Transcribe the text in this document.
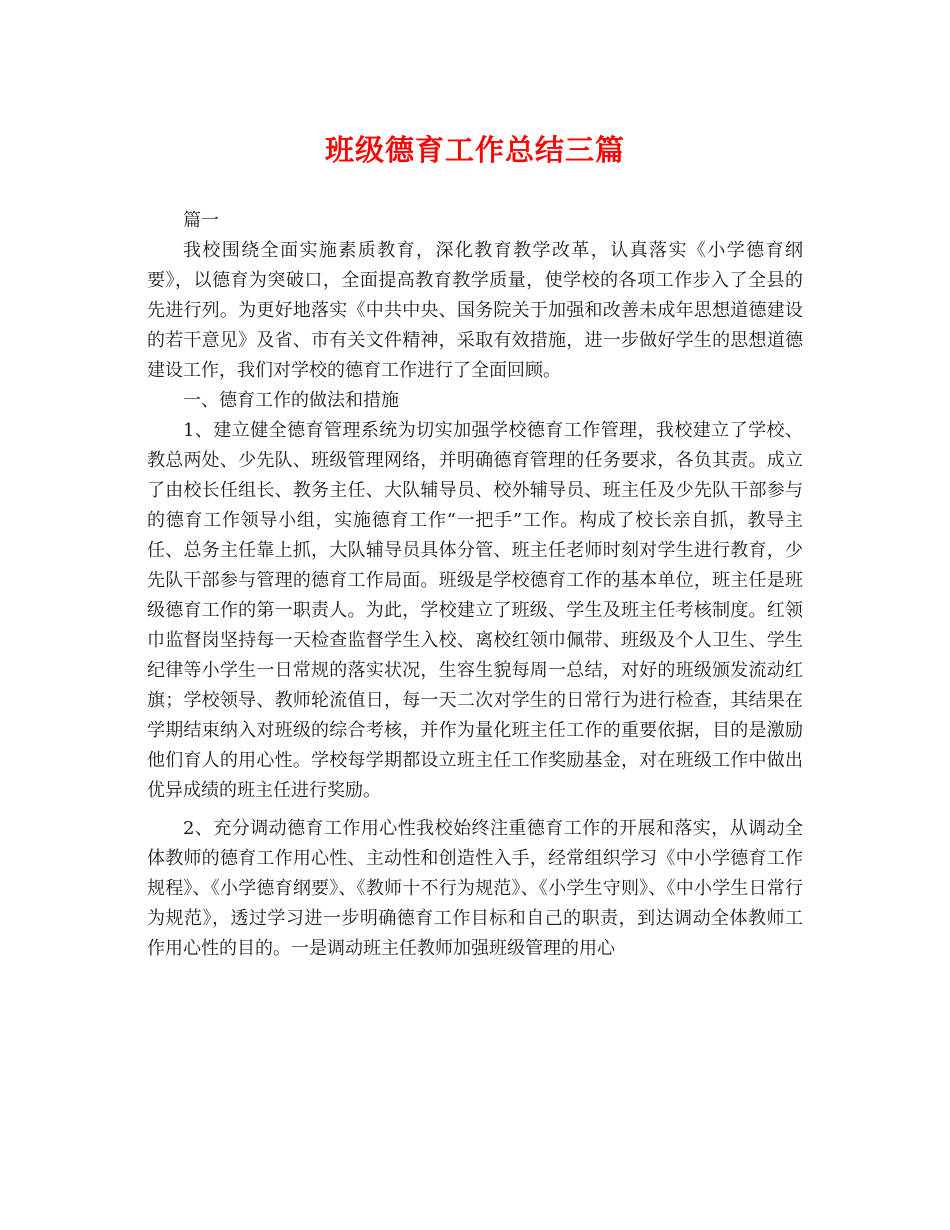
班级德育工作总结三篇

篇一

我校围绕全面实施素质教育，深化教育教学改革，认真落实《小学德育纲要》，以德育为突破口，全面提高教育教学质量，使学校的各项工作步入了全县的先进行列。为更好地落实《中共中央、国务院关于加强和改善未成年思想道德建设的若干意见》及省、市有关文件精神，采取有效措施，进一步做好学生的思想道德建设工作，我们对学校的德育工作进行了全面回顾。

一、德育工作的做法和措施

1、建立健全德育管理系统为切实加强学校德育工作管理，我校建立了学校、教总两处、少先队、班级管理网络，并明确德育管理的任务要求，各负其责。成立了由校长任组长、教务主任、大队辅导员、校外辅导员、班主任及少先队干部参与的德育工作领导小组，实施德育工作“一把手”工作。构成了校长亲自抓，教导主任、总务主任靠上抓，大队辅导员具体分管、班主任老师时刻对学生进行教育，少先队干部参与管理的德育工作局面。班级是学校德育工作的基本单位，班主任是班级德育工作的第一职责人。为此，学校建立了班级、学生及班主任考核制度。红领巾监督岗坚持每一天检查监督学生入校、离校红领巾佩带、班级及个人卫生、学生纪律等小学生一日常规的落实状况，生容生貌每周一总结，对好的班级颁发流动红旗；学校领导、教师轮流值日，每一天二次对学生的日常行为进行检查，其结果在学期结束纳入对班级的综合考核，并作为量化班主任工作的重要依据，目的是激励他们育人的用心性。学校每学期都设立班主任工作奖励基金，对在班级工作中做出优异成绩的班主任进行奖励。

2、充分调动德育工作用心性我校始终注重德育工作的开展和落实，从调动全体教师的德育工作用心性、主动性和创造性入手，经常组织学习《中小学德育工作规程》、《小学德育纲要》、《教师十不行为规范》、《小学生守则》、《中小学生日常行为规范》，透过学习进一步明确德育工作目标和自己的职责，到达调动全体教师工作用心性的目的。一是调动班主任教师加强班级管理的用心
